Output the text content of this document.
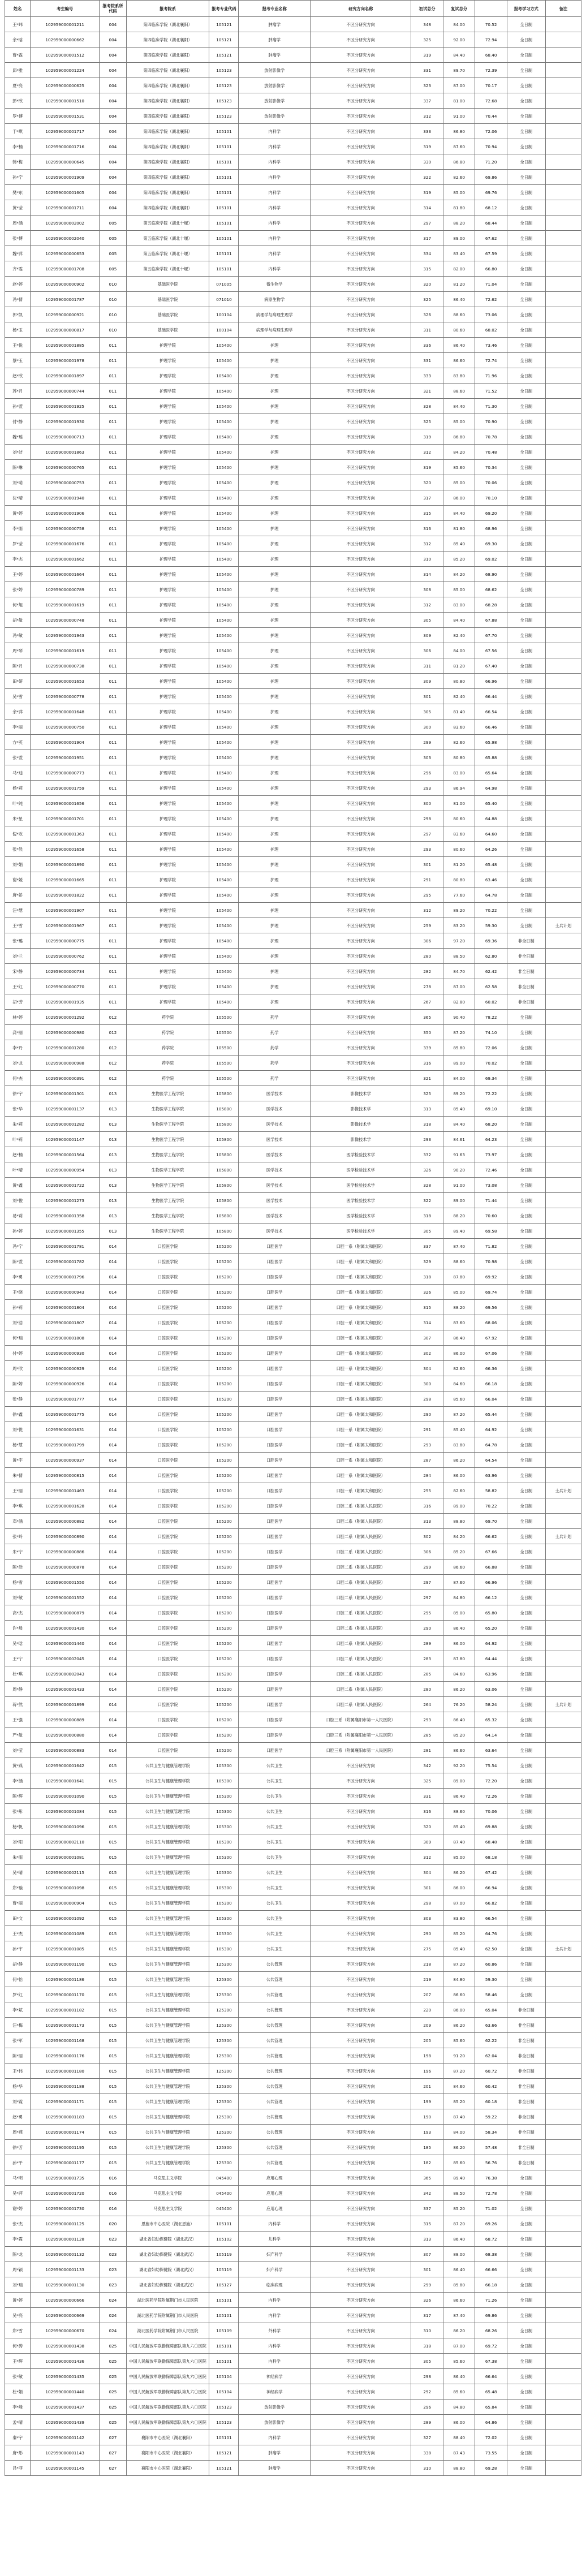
姓名	考生编号	报考院系所代码	报考院系	报考专业代码	报考专业名称	研究方向名称	初试总分	复试总分		报考学习方式	备注
王*玮	102959000001211	004	第四临床学院（湖北襄阳）	105121	肿瘤学	不区分研究方向	348	84.00	70.52	全日制	
余*晗	102959000000662	004	第四临床学院（湖北襄阳）	105121	肿瘤学	不区分研究方向	325	92.00	72.94	全日制	
曹*霖	102959000001512	004	第四临床学院（湖北襄阳）	105121	肿瘤学	不区分研究方向	319	84.40	68.40	全日制	
邱*雅	102959000001224	004	第四临床学院（湖北襄阳）	105123	放射影像学	不区分研究方向	331	89.70	72.39	全日制	
夏*亮	102959000000625	004	第四临床学院（湖北襄阳）	105123	放射影像学	不区分研究方向	323	87.00	70.17	全日制	
彭*欣	102959000001510	004	第四临床学院（湖北襄阳）	105123	放射影像学	不区分研究方向	337	81.00	72.68	全日制	
罗*博	102959000001531	004	第四临床学院（湖北襄阳）	105123	放射影像学	不区分研究方向	312	91.00	70.44	全日制	
于*琪	102959000001717	004	第四临床学院（湖北襄阳）	105101	内科学	不区分研究方向	333	86.80	72.06	全日制	
李*楠	102959000001716	004	第四临床学院（湖北襄阳）	105101	内科学	不区分研究方向	319	87.60	70.94	全日制	
韩*梅	102959000000645	004	第四临床学院（湖北襄阳）	105101	内科学	不区分研究方向	330	86.80	71.20	全日制	
孙*宁	102959000001909	004	第四临床学院（湖北襄阳）	105101	内科学	不区分研究方向	322	82.60	69.86	全日制	
樊*东	102959000001605	004	第四临床学院（湖北襄阳）	105101	内科学	不区分研究方向	319	85.00	69.76	全日制	
黄*莹	102959000001711	004	第四临床学院（湖北襄阳）	105101	内科学	不区分研究方向	314	81.80	68.12	全日制	
周*涵	102959000002002	005	第五临床学院（湖北十堰）	105101	内科学	不区分研究方向	297	88.20	68.44	全日制	
张*博	102959000002040	005	第五临床学院（湖北十堰）	105101	内科学	不区分研究方向	317	89.00	67.62	全日制	
魏*萍	102959000000653	005	第五临床学院（湖北十堰）	105101	内科学	不区分研究方向	334	83.40	67.59	全日制	
齐*雯	102959000001708	005	第五临床学院（湖北十堰）	105101	内科学	不区分研究方向	315	82.00	66.80	全日制	
赵*婷	102959000000902	010	基础医学院	071005	微生物学	不区分研究方向	320	81.20	71.04	全日制	
冯*倩	102959000001787	010	基础医学院	071010	病原生物学	不区分研究方向	325	86.40	72.62	全日制	
郭*凯	102959000000921	010	基础医学院	100104	病理学与病理生理学	不区分研究方向	326	88.60	73.06	全日制	
杨*玉	102959000000817	010	基础医学院	100104	病理学与病理生理学	不区分研究方向	311	80.60	68.02	全日制	
王*悦	102959000001885	011	护理学院	105400	护理	不区分研究方向	336	86.40	73.46	全日制	
蔡*玉	102959000001978	011	护理学院	105400	护理	不区分研究方向	331	86.60	72.74	全日制	
赵*欣	102959000001897	011	护理学院	105400	护理	不区分研究方向	333	83.80	71.96	全日制	
苏*月	102959000000744	011	护理学院	105400	护理	不区分研究方向	321	88.60	71.52	全日制	
孙*萱	102959000001925	011	护理学院	105400	护理	不区分研究方向	328	84.40	71.30	全日制	
付*静	102959000001930	011	护理学院	105400	护理	不区分研究方向	325	85.00	70.90	全日制	
魏*瑶	102959000000713	011	护理学院	105400	护理	不区分研究方向	319	86.80	70.78	全日制	
刘*洁	102959000001863	011	护理学院	105400	护理	不区分研究方向	312	84.20	70.48	全日制	
陈*琳	102959000000765	011	护理学院	105400	护理	不区分研究方向	319	85.60	70.34	全日制	
刘*萌	102959000000753	011	护理学院	105400	护理	不区分研究方向	320	85.00	70.06	全日制	
沈*晴	102959000001940	011	护理学院	105400	护理	不区分研究方向	317	86.00	70.10	全日制	
黄*婷	102959000001906	011	护理学院	105400	护理	不区分研究方向	315	84.40	69.20	全日制	
李*雨	102959000000758	011	护理学院	105400	护理	不区分研究方向	316	81.80	68.96	全日制	
罗*莹	102959000001676	011	护理学院	105400	护理	不区分研究方向	312	85.40	69.30	全日制	
李*杰	102959000001662	011	护理学院	105400	护理	不区分研究方向	310	85.20	69.02	全日制	
王*婷	102959000001664	011	护理学院	105400	护理	不区分研究方向	314	84.20	68.90	全日制	
张*婷	102959000000789	011	护理学院	105400	护理	不区分研究方向	308	85.00	68.62	全日制	
何*旭	102959000001619	011	护理学院	105400	护理	不区分研究方向	312	83.00	68.28	全日制	
胡*敏	102959000000748	011	护理学院	105400	护理	不区分研究方向	305	84.40	67.88	全日制	
冯*敏	102959000001943	011	护理学院	105400	护理	不区分研究方向	309	82.40	67.70	全日制	
周*琴	102959000001619	011	护理学院	105400	护理	不区分研究方向	306	84.00	67.56	全日制	
陈*月	102959000000738	011	护理学院	105400	护理	不区分研究方向	311	81.20	67.40	全日制	
田*妍	102959000001653	011	护理学院	105400	护理	不区分研究方向	309	80.80	66.96	全日制	
吴*雪	102959000000778	011	护理学院	105400	护理	不区分研究方向	301	82.40	66.44	全日制	
余*萍	102959000001648	011	护理学院	105400	护理	不区分研究方向	305	81.40	66.54	全日制	
李*丽	102959000000750	011	护理学院	105400	护理	不区分研究方向	300	83.60	66.46	全日制	
方*英	102959000001904	011	护理学院	105400	护理	不区分研究方向	299	82.60	65.98	全日制	
张*萱	102959000001951	011	护理学院	105400	护理	不区分研究方向	303	80.80	65.88	全日制	
马*迪	102959000000773	011	护理学院	105400	护理	不区分研究方向	296	83.00	65.64	全日制	
杨*莉	102959000001759	011	护理学院	105400	护理	不区分研究方向	293	86.94	64.98	全日制	
叶*纯	102959000001656	011	护理学院	105400	护理	不区分研究方向	300	81.00	65.40	全日制	
朱*星	102959000001701	011	护理学院	105400	护理	不区分研究方向	298	80.60	64.88	全日制	
倪*欢	102959000001363	011	护理学院	105400	护理	不区分研究方向	297	83.60	64.60	全日制	
张*然	102959000001658	011	护理学院	105400	护理	不区分研究方向	293	80.60	64.26	全日制	
刘*娟	102959000001890	011	护理学院	105400	护理	不区分研究方向	301	81.20	65.48	全日制	
谢*媛	102959000001665	011	护理学院	105400	护理	不区分研究方向	291	80.80	63.46	全日制	
唐*娇	102959000001822	011	护理学院	105400	护理	不区分研究方向	295	77.60	64.78	全日制	
汪*慧	102959000001907	011	护理学院	105400	护理	不区分研究方向	312	89.20	70.22	全日制	
王*雪	102959000001967	011	护理学院	105400	护理	不区分研究方向	259	83.20	59.30	全日制	士兵计划
张*璐	102959000000775	011	护理学院	105400	护理	不区分研究方向	306	97.20	69.36	非全日制	
刘*兰	102959000000762	011	护理学院	105400	护理	不区分研究方向	280	88.50	62.80	非全日制	
宋*静	102959000000734	011	护理学院	105400	护理	不区分研究方向	282	84.70	62.42	非全日制	
王*红	102959000000770	011	护理学院	105400	护理	不区分研究方向	278	87.00	62.58	非全日制	
胡*芳	102959000001935	011	护理学院	105400	护理	不区分研究方向	267	82.80	60.02	非全日制	
林*婷	102959000001292	012	药学院	105500	药学	不区分研究方向	365	90.40	78.22	全日制	
龚*丽	102959000000980	012	药学院	105500	药学	不区分研究方向	350	87.20	74.10	全日制	
李*丹	102959000001280	012	药学院	105500	药学	不区分研究方向	339	85.80	72.06	全日制	
刘*龙	102959000000988	012	药学院	105500	药学	不区分研究方向	316	89.00	70.02	全日制	
何*杰	102959000000391	012	药学院	105500	药学	不区分研究方向	321	84.00	69.34	全日制	
徐*宇	102959000001301	013	生物医学工程学院	105800	医学技术	影像技术学	325	89.20	72.22	全日制	
张*华	102959000001137	013	生物医学工程学院	105800	医学技术	影像技术学	313	85.40	69.10	全日制	
朱*莉	102959000001282	013	生物医学工程学院	105800	医学技术	影像技术学	318	84.40	68.20	全日制	
叶*莉	102959000001147	013	生物医学工程学院	105800	医学技术	影像技术学	293	84.61	64.23	全日制	
赵*楠	102959000001564	013	生物医学工程学院	105800	医学技术	医学检验技术学	332	91.63	73.97	全日制	
叶*晴	102959000000954	013	生物医学工程学院	105800	医学技术	医学检验技术学	326	90.20	72.46	全日制	
黄*鑫	102959000001722	013	生物医学工程学院	105800	医学技术	医学检验技术学	328	91.00	73.08	全日制	
刘*俊	102959000001273	013	生物医学工程学院	105800	医学技术	医学检验技术学	322	89.00	71.44	全日制	
易*莉	102959000001358	013	生物医学工程学院	105800	医学技术	医学检验技术学	318	88.20	70.60	全日制	
孙*婷	102959000001355	013	生物医学工程学院	105800	医学技术	医学检验技术学	305	89.40	69.58	全日制	
冯*宁	102959000001781	014	口腔医学院	105200	口腔医学	口腔一系（附属太和医院）	337	87.40	71.82	全日制	
陈*萱	102959000001782	014	口腔医学院	105200	口腔医学	口腔一系（附属太和医院）	329	88.60	70.98	全日制	
李*勇	102959000001796	014	口腔医学院	105200	口腔医学	口腔一系（附属太和医院）	318	87.80	69.92	全日制	
王*晓	102959000000943	014	口腔医学院	105200	口腔医学	口腔一系（附属太和医院）	326	85.00	69.74	全日制	
孙*莉	102959000001804	014	口腔医学院	105200	口腔医学	口腔一系（附属太和医院）	315	88.20	69.56	全日制	
刘*浩	102959000001807	014	口腔医学院	105200	口腔医学	口腔一系（附属太和医院）	314	83.60	68.06	全日制	
何*瑞	102959000001808	014	口腔医学院	105200	口腔医学	口腔一系（附属太和医院）	307	86.40	67.92	全日制	
付*婷	102959000000930	014	口腔医学院	105200	口腔医学	口腔一系（附属太和医院）	302	86.00	67.06	全日制	
周*欣	102959000000929	014	口腔医学院	105200	口腔医学	口腔一系（附属太和医院）	304	82.60	66.36	全日制	
陈*婷	102959000000926	014	口腔医学院	105200	口腔医学	口腔一系（附属太和医院）	300	84.60	66.18	全日制	
张*静	102959000001777	014	口腔医学院	105200	口腔医学	口腔一系（附属太和医院）	298	85.60	66.04	全日制	
徐*鑫	102959000001775	014	口腔医学院	105200	口腔医学	口腔一系（附属太和医院）	290	87.20	65.44	全日制	
刘*悦	102959000001631	014	口腔医学院	105200	口腔医学	口腔一系（附属太和医院）	291	85.40	64.92	全日制	
杨*慧	102959000001799	014	口腔医学院	105200	口腔医学	口腔一系（附属太和医院）	293	83.80	64.78	全日制	
黄*宇	102959000000937	014	口腔医学院	105200	口腔医学	口腔一系（附属太和医院）	287	86.20	64.54	全日制	
朱*倩	102959000000815	014	口腔医学院	105200	口腔医学	口腔一系（附属太和医院）	284	86.00	63.96	全日制	
王*丽	102959000001463	014	口腔医学院	105200	口腔医学	口腔一系（附属太和医院）	255	82.60	58.82	全日制	士兵计划
李*琪	102959000001628	014	口腔医学院	105200	口腔医学	口腔二系（附属人民医院）	316	89.00	70.22	全日制	
邓*涵	102959000000882	014	口腔医学院	105200	口腔医学	口腔二系（附属人民医院）	313	88.80	69.70	全日制	
张*玲	102959000000890	014	口腔医学院	105200	口腔医学	口腔二系（附属人民医院）	302	84.20	66.62	全日制	士兵计划
朱*宁	102959000000886	014	口腔医学院	105200	口腔医学	口腔二系（附属人民医院）	306	85.20	67.66	全日制	
陈*浩	102959000000878	014	口腔医学院	105200	口腔医学	口腔二系（附属人民医院）	299	86.60	66.88	全日制	
杨*雪	102959000001550	014	口腔医学院	105200	口腔医学	口腔二系（附属人民医院）	297	87.60	66.96	全日制	
刘*敏	102959000001552	014	口腔医学院	105200	口腔医学	口腔二系（附属人民医院）	297	84.80	66.12	全日制	
高*杰	102959000000879	014	口腔医学院	105200	口腔医学	口腔二系（附属人民医院）	295	85.00	65.80	全日制	
许*晨	102959000001430	014	口腔医学院	105200	口腔医学	口腔二系（附属人民医院）	290	86.40	65.20	全日制	
吴*晗	102959000001440	014	口腔医学院	105200	口腔医学	口腔二系（附属人民医院）	289	86.00	64.92	全日制	
王*宁	102959000002045	014	口腔医学院	105200	口腔医学	口腔二系（附属人民医院）	283	87.80	64.44	全日制	
杜*琪	102959000002043	014	口腔医学院	105200	口腔医学	口腔二系（附属人民医院）	285	84.60	63.96	全日制	
周*静	102959000001433	014	口腔医学院	105200	口腔医学	口腔二系（附属人民医院）	280	86.20	63.06	全日制	
蒋*然	102959000001899	014	口腔医学院	105200	口腔医学	口腔二系（附属人民医院）	264	76.20	58.24	全日制	士兵计划
王*强	102959000000889	014	口腔医学院	105200	口腔医学	口腔三系（附属襄阳市第一人民医院）	293	86.40	65.32	全日制	
严*敏	102959000000880	014	口腔医学院	105200	口腔医学	口腔三系（附属襄阳市第一人民医院）	285	85.20	64.14	全日制	
刘*莹	102959000000883	014	口腔医学院	105200	口腔医学	口腔三系（附属襄阳市第一人民医院）	281	86.60	63.64	全日制	
黄*燕	102959000001642	015	公共卫生与健康管理学院	105300	公共卫生	不区分研究方向	342	92.20	75.54	全日制	
李*涵	102959000001641	015	公共卫生与健康管理学院	105300	公共卫生	不区分研究方向	325	89.00	72.20	全日制	
陈*辉	102959000001090	015	公共卫生与健康管理学院	105300	公共卫生	不区分研究方向	331	86.40	72.26	全日制	
张*彤	102959000001084	015	公共卫生与健康管理学院	105300	公共卫生	不区分研究方向	316	88.60	70.06	全日制	
杨*帆	102959000001096	015	公共卫生与健康管理学院	105300	公共卫生	不区分研究方向	320	85.40	69.88	全日制	
刘*阳	102959000002110	015	公共卫生与健康管理学院	105300	公共卫生	不区分研究方向	309	87.40	68.48	全日制	
朱*雨	102959000001081	015	公共卫生与健康管理学院	105300	公共卫生	不区分研究方向	312	85.00	68.18	全日制	
吴*晴	102959000002115	015	公共卫生与健康管理学院	105300	公共卫生	不区分研究方向	304	86.20	67.42	全日制	
郑*璇	102959000001098	015	公共卫生与健康管理学院	105300	公共卫生	不区分研究方向	301	86.00	66.94	全日制	
曹*丽	102959000000904	015	公共卫生与健康管理学院	105300	公共卫生	不区分研究方向	298	87.00	66.82	全日制	
田*文	102959000001092	015	公共卫生与健康管理学院	105300	公共卫生	不区分研究方向	303	83.80	66.54	全日制	
王*杰	102959000001089	015	公共卫生与健康管理学院	105300	公共卫生	不区分研究方向	290	85.20	64.76	全日制	
孙*宇	102959000001085	015	公共卫生与健康管理学院	105300	公共卫生	不区分研究方向	275	85.40	62.50	全日制	士兵计划
胡*静	102959000001190	015	公共卫生与健康管理学院	125300	公共管理	不区分研究方向	218	87.20	60.86	全日制	
何*怡	102959000001186	015	公共卫生与健康管理学院	125300	公共管理	不区分研究方向	219	84.80	59.30	全日制	
罗*红	102959000001170	015	公共卫生与健康管理学院	125300	公共管理	不区分研究方向	207	86.60	58.46	全日制	
李*斌	102959000001182	015	公共卫生与健康管理学院	125300	公共管理	不区分研究方向	220	86.00	65.04	非全日制	
汪*梅	102959000001173	015	公共卫生与健康管理学院	125300	公共管理	不区分研究方向	209	86.20	63.66	非全日制	
张*军	102959000001168	015	公共卫生与健康管理学院	125300	公共管理	不区分研究方向	205	85.60	62.22	非全日制	
陈*丽	102959000001176	015	公共卫生与健康管理学院	125300	公共管理	不区分研究方向	198	91.20	62.04	非全日制	
王*伟	102959000001180	015	公共卫生与健康管理学院	125300	公共管理	不区分研究方向	196	87.20	60.72	非全日制	
杨*华	102959000001188	015	公共卫生与健康管理学院	125300	公共管理	不区分研究方向	201	84.60	60.42	非全日制	
刘*霞	102959000001171	015	公共卫生与健康管理学院	125300	公共管理	不区分研究方向	199	85.20	60.18	非全日制	
赵*勇	102959000001183	015	公共卫生与健康管理学院	125300	公共管理	不区分研究方向	190	87.40	59.22	非全日制	
周*燕	102959000001174	015	公共卫生与健康管理学院	125300	公共管理	不区分研究方向	193	84.00	58.34	非全日制	
徐*芳	102959000001195	015	公共卫生与健康管理学院	125300	公共管理	不区分研究方向	185	86.20	57.48	非全日制	
孙*平	102959000001177	015	公共卫生与健康管理学院	125300	公共管理	不区分研究方向	182	85.60	56.76	非全日制	
马*明	102959000001735	016	马克思主义学院	045400	应用心理	不区分研究方向	365	89.40	76.38	全日制	
吴*萍	102959000001720	016	马克思主义学院	045400	应用心理	不区分研究方向	342	88.50	72.78	全日制	
谢*婷	102959000001730	016	马克思主义学院	045400	应用心理	不区分研究方向	337	85.20	71.02	全日制	
张*杰	102959000001125	020	恩施市中心医院（湖北恩施）	105101	内科学	不区分研究方向	315	87.20	69.26	全日制	
李*霞	102959000001128	023	湖北省妇幼保健院（湖北武汉）	105102	儿科学	不区分研究方向	313	86.40	68.72	全日制	
陈*龙	102959000001132	023	湖北省妇幼保健院（湖北武汉）	105119	妇产科学	不区分研究方向	307	88.00	68.38	全日制	
周*颖	102959000001133	023	湖北省妇幼保健院（湖北武汉）	105119	妇产科学	不区分研究方向	301	86.40	66.66	全日制	
刘*瑞	102959000001130	023	湖北省妇幼保健院（湖北武汉）	105127	临床病理	不区分研究方向	299	85.80	66.18	全日制	
黄*婷	102959000000666	024	湖北医药学院附属荆门市人民医院	105101	内科学	不区分研究方向	326	86.60	71.26	全日制	
吴*亮	102959000000669	024	湖北医药学院附属荆门市人民医院	105101	内科学	不区分研究方向	317	87.40	69.86	全日制	
郑*雪	102959000000670	024	湖北医药学院附属荆门市人民医院	105109	外科学	不区分研究方向	310	86.20	68.26	全日制	
何*涛	102959000001438	025	中国人民解放军联勤保障部队第九六〇医院	105101	内科学	不区分研究方向	318	87.00	69.72	全日制	
王*辉	102959000001436	025	中国人民解放军联勤保障部队第九六〇医院	105101	内科学	不区分研究方向	305	85.60	67.38	全日制	
张*敏	102959000001435	025	中国人民解放军联勤保障部队第九六〇医院	105104	神经病学	不区分研究方向	298	86.40	66.64	全日制	
杜*娟	102959000001440	025	中国人民解放军联勤保障部队第九六〇医院	105104	神经病学	不区分研究方向	292	85.60	65.48	全日制	
李*峰	102959000001437	025	中国人民解放军联勤保障部队第九六〇医院	105123	放射影像学	不区分研究方向	296	84.80	65.84	全日制	
孟*晴	102959000001439	025	中国人民解放军联勤保障部队第九六〇医院	105123	放射影像学	不区分研究方向	289	86.00	64.86	全日制	
秦*宇	102959000001142	027	襄阳市中心医院（湖北襄阳）	105101	内科学	不区分研究方向	327	88.40	72.02	全日制	
唐*彤	102959000001143	027	襄阳市中心医院（湖北襄阳）	105121	肿瘤学	不区分研究方向	338	87.43	73.55	全日制	
吕*菲	102959000001145	027	襄阳市中心医院（湖北襄阳）	105121	肿瘤学	不区分研究方向	310	88.80	69.28	全日制	
